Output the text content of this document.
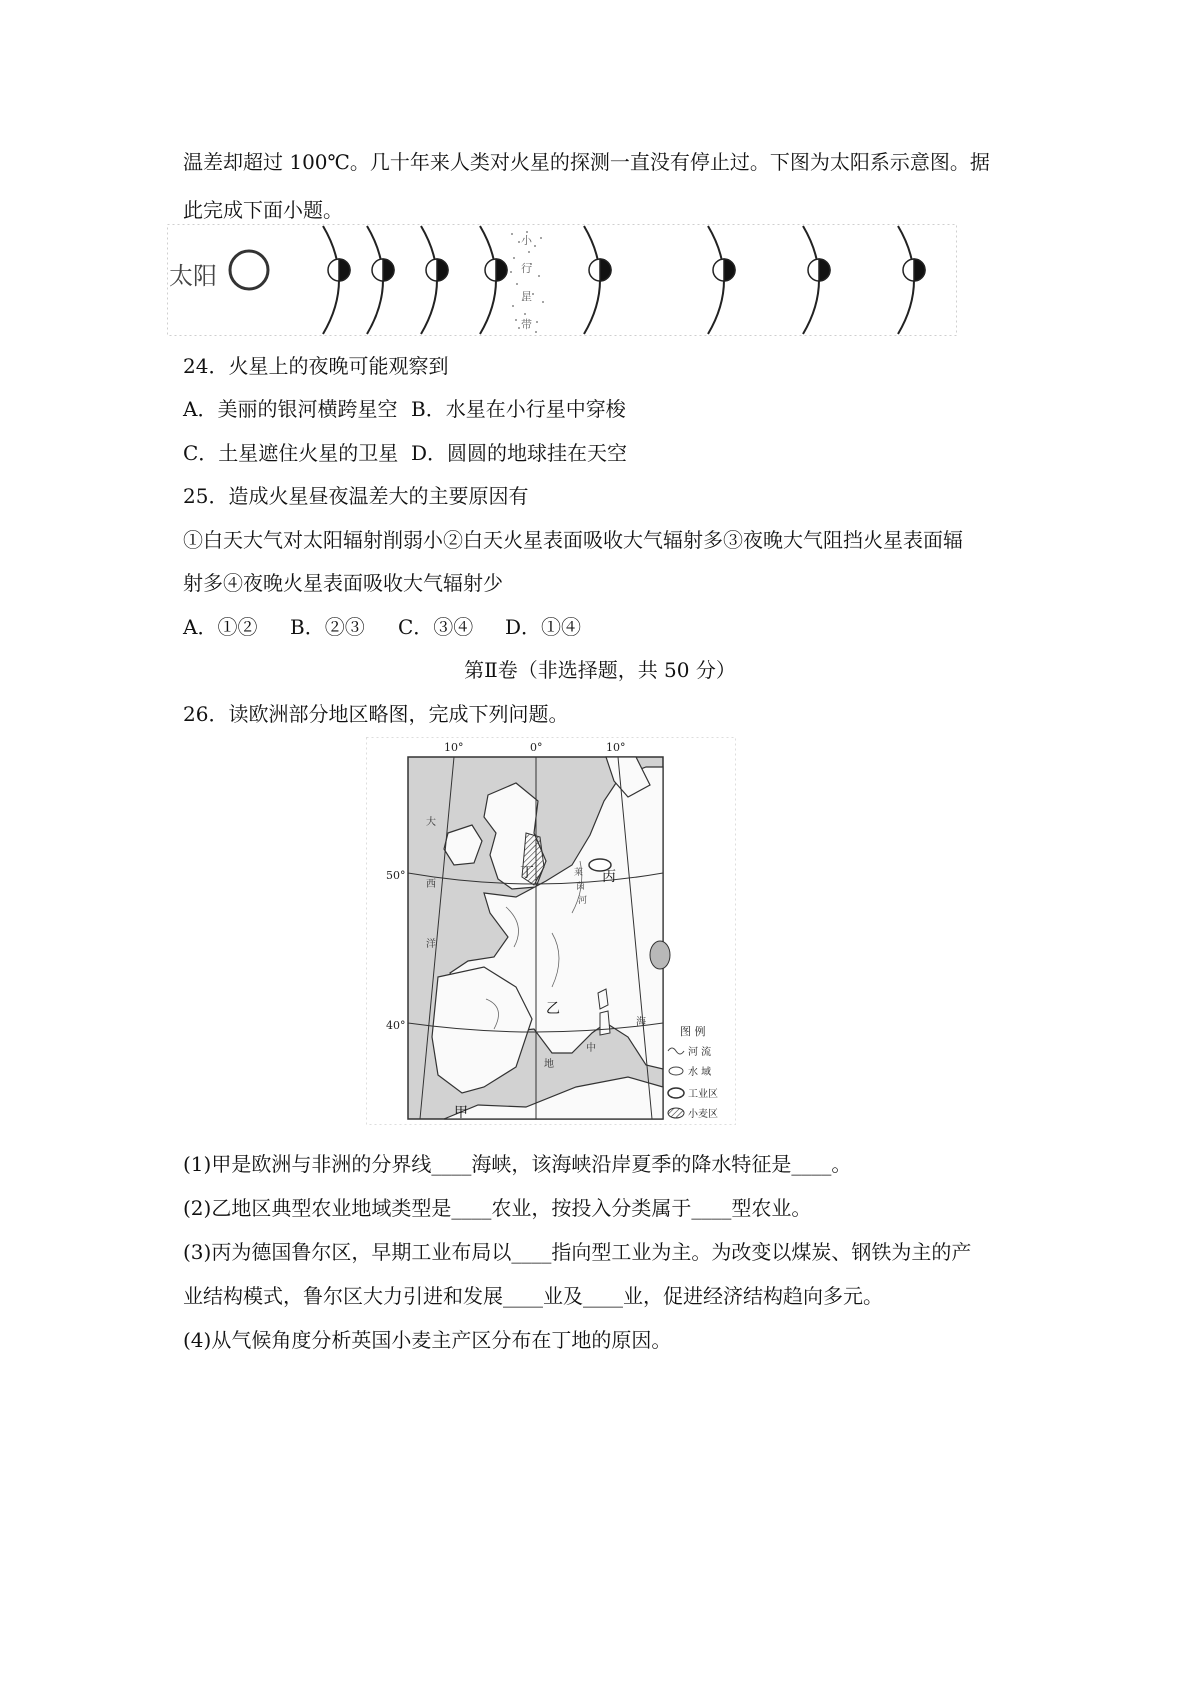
温差却超过 100℃。几十年来人类对火星的探测一直没有停止过。下图为太阳系示意图。据
此完成下面小题。
太阳
小
行
星
带
24．火星上的夜晚可能观察到
A．美丽的银河横跨星空 B．水星在小行星中穿梭
C．土星遮住火星的卫星 D．圆圆的地球挂在天空
25．造成火星昼夜温差大的主要原因有
①白天大气对太阳辐射削弱小②白天火星表面吸收大气辐射多③夜晚大气阻挡火星表面辐
射多④夜晚火星表面吸收大气辐射少
A．①② B．②③ C．③④ D．①④
第Ⅱ卷（非选择题，共 50 分）
26．读欧洲部分地区略图，完成下列问题。
10°	0°	10°
50°
40°
大
西
洋
中
海
地
莱
茵
河
甲
乙
丙
丁
图 例
河 流
水 域
工业区
小麦区
(1)甲是欧洲与非洲的分界线____海峡，该海峡沿岸夏季的降水特征是____。
(2)乙地区典型农业地域类型是____农业，按投入分类属于____型农业。
(3)丙为德国鲁尔区，早期工业布局以____指向型工业为主。为改变以煤炭、钢铁为主的产
业结构模式，鲁尔区大力引进和发展____业及____业，促进经济结构趋向多元。
(4)从气候角度分析英国小麦主产区分布在丁地的原因。
